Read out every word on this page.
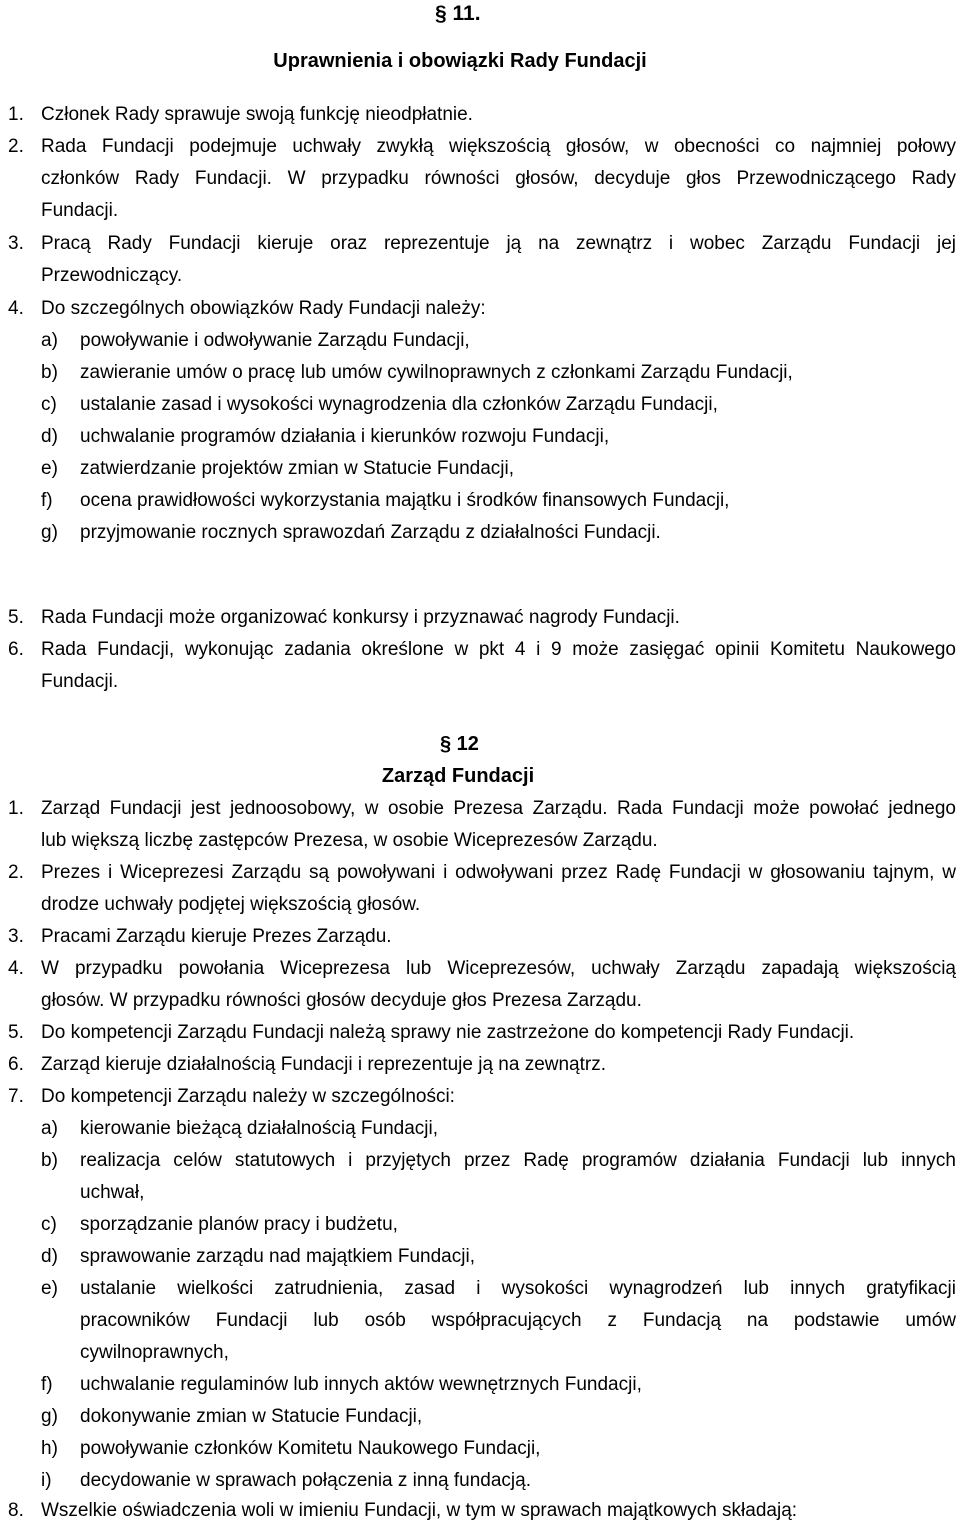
§ 11.
Uprawnienia i obowiązki Rady Fundacji
1. Członek Rady sprawuje swoją funkcję nieodpłatnie.
2. Rada Fundacji podejmuje uchwały zwykłą większością głosów, w obecności co najmniej połowy
członków Rady Fundacji. W przypadku równości głosów, decyduje głos Przewodniczącego Rady
Fundacji.
3. Pracą Rady Fundacji kieruje oraz reprezentuje ją na zewnątrz i wobec Zarządu Fundacji jej
Przewodniczący.
4. Do szczególnych obowiązków Rady Fundacji należy:
a) powoływanie i odwoływanie Zarządu Fundacji,
b) zawieranie umów o pracę lub umów cywilnoprawnych z członkami Zarządu Fundacji,
c) ustalanie zasad i wysokości wynagrodzenia dla członków Zarządu Fundacji,
d) uchwalanie programów działania i kierunków rozwoju Fundacji,
e) zatwierdzanie projektów zmian w Statucie Fundacji,
f) ocena prawidłowości wykorzystania majątku i środków finansowych Fundacji,
g) przyjmowanie rocznych sprawozdań Zarządu z działalności Fundacji.
5. Rada Fundacji może organizować konkursy i przyznawać nagrody Fundacji.
6. Rada Fundacji, wykonując zadania określone w pkt 4 i 9 może zasięgać opinii Komitetu Naukowego
Fundacji.
§ 12
Zarząd Fundacji
1. Zarząd Fundacji jest jednoosobowy, w osobie Prezesa Zarządu. Rada Fundacji może powołać jednego
lub większą liczbę zastępców Prezesa, w osobie Wiceprezesów Zarządu.
2. Prezes i Wiceprezesi Zarządu są powoływani i odwoływani przez Radę Fundacji w głosowaniu tajnym, w
drodze uchwały podjętej większością głosów.
3. Pracami Zarządu kieruje Prezes Zarządu.
4. W przypadku powołania Wiceprezesa lub Wiceprezesów, uchwały Zarządu zapadają większością
głosów. W przypadku równości głosów decyduje głos Prezesa Zarządu.
5. Do kompetencji Zarządu Fundacji należą sprawy nie zastrzeżone do kompetencji Rady Fundacji.
6. Zarząd kieruje działalnością Fundacji i reprezentuje ją na zewnątrz.
7. Do kompetencji Zarządu należy w szczególności:
a) kierowanie bieżącą działalnością Fundacji,
b) realizacja celów statutowych i przyjętych przez Radę programów działania Fundacji lub innych
uchwał,
c) sporządzanie planów pracy i budżetu,
d) sprawowanie zarządu nad majątkiem Fundacji,
e) ustalanie wielkości zatrudnienia, zasad i wysokości wynagrodzeń lub innych gratyfikacji
pracowników Fundacji lub osób współpracujących z Fundacją na podstawie umów
cywilnoprawnych,
f) uchwalanie regulaminów lub innych aktów wewnętrznych Fundacji,
g) dokonywanie zmian w Statucie Fundacji,
h) powoływanie członków Komitetu Naukowego Fundacji,
i) decydowanie w sprawach połączenia z inną fundacją.
8. Wszelkie oświadczenia woli w imieniu Fundacji, w tym w sprawach majątkowych składają:
